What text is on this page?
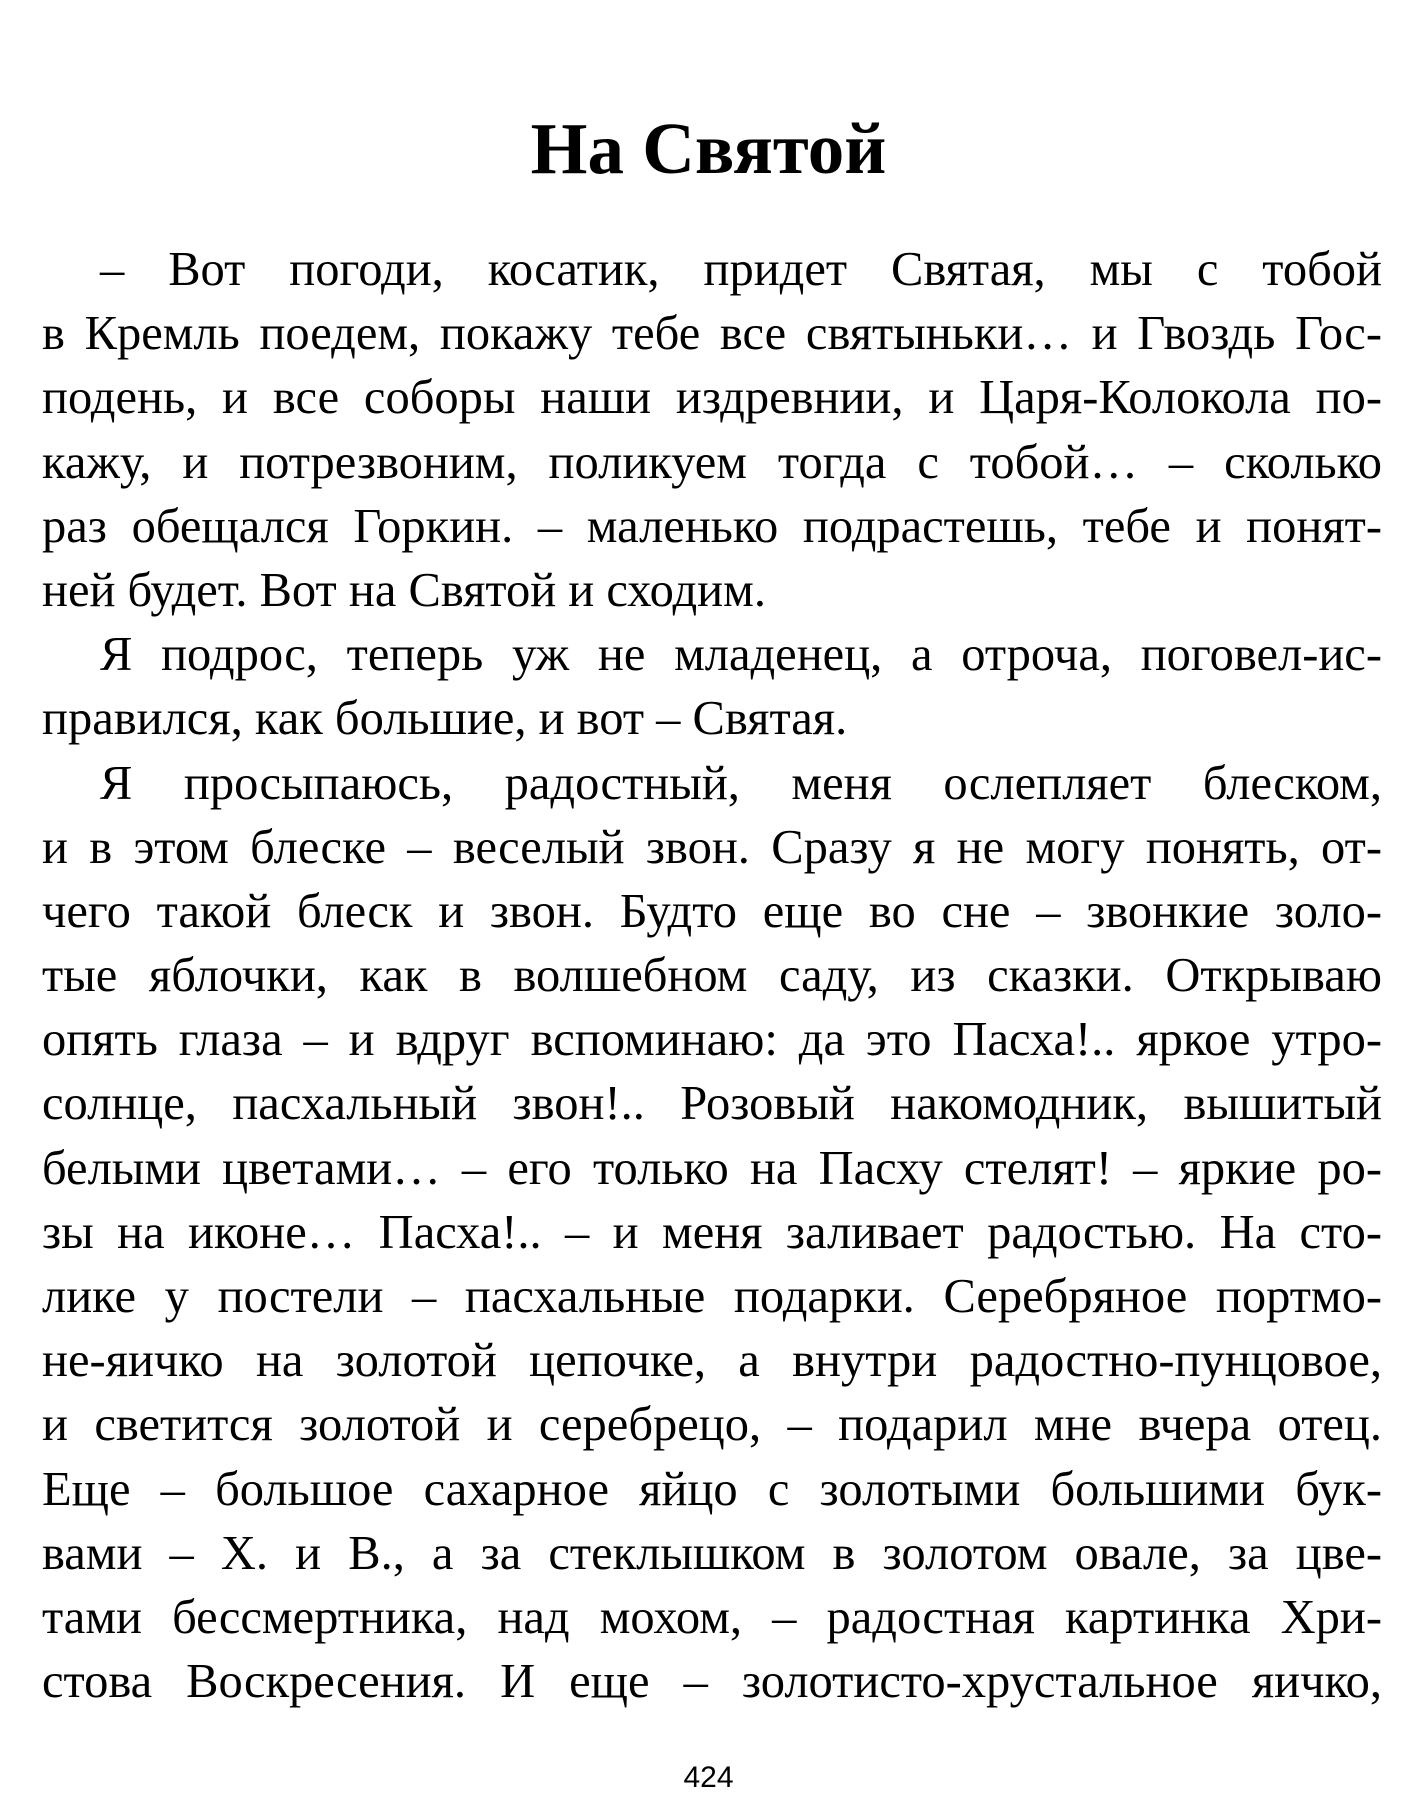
На Святой
– Вот погоди, косатик, придет Святая, мы с тобой
в Кремль поедем, покажу тебе все святыньки… и Гвоздь Гос-
подень, и все соборы наши издревнии, и Царя-Колокола по-
кажу, и потрезвоним, поликуем тогда с тобой… – сколько
раз обещался Горкин. – маленько подрастешь, тебе и понят-
ней будет. Вот на Святой и сходим.
Я подрос, теперь уж не младенец, а отроча, поговел-ис-
правился, как большие, и вот – Святая.
Я просыпаюсь, радостный, меня ослепляет блеском,
и в этом блеске – веселый звон. Сразу я не могу понять, от-
чего такой блеск и звон. Будто еще во сне – звонкие золо-
тые яблочки, как в волшебном саду, из сказки. Открываю
опять глаза – и вдруг вспоминаю: да это Пасха!.. яркое утро-
солнце, пасхальный звон!.. Розовый накомодник, вышитый
белыми цветами… – его только на Пасху стелят! – яркие ро-
зы на иконе… Пасха!.. – и меня заливает радостью. На сто-
лике у постели – пасхальные подарки. Серебряное портмо-
не-яичко на золотой цепочке, а внутри радостно-пунцовое,
и светится золотой и серебрецо, – подарил мне вчера отец.
Еще – большое сахарное яйцо с золотыми большими бук-
вами – Х. и В., а за стеклышком в золотом овале, за цве-
тами бессмертника, над мохом, – радостная картинка Хри-
стова Воскресения. И еще – золотисто-хрустальное яичко,
424
